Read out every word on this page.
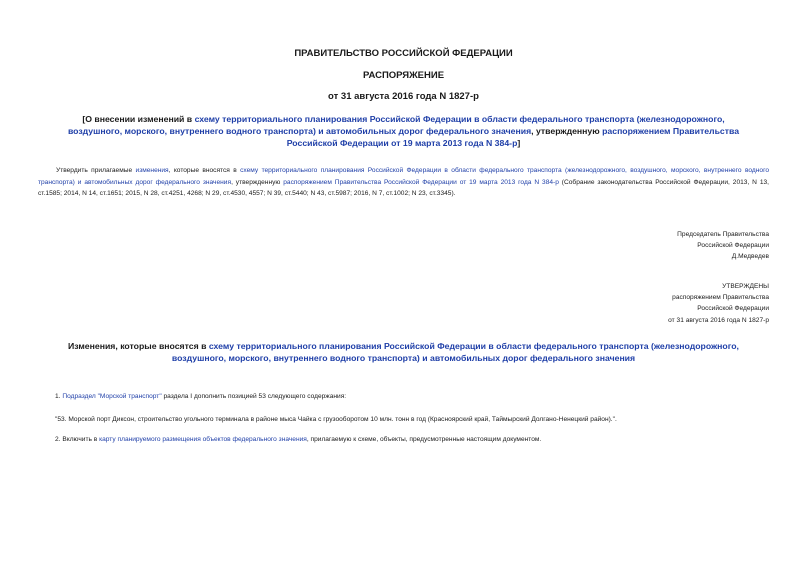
ПРАВИТЕЛЬСТВО РОССИЙСКОЙ ФЕДЕРАЦИИ
РАСПОРЯЖЕНИЕ
от 31 августа 2016 года N 1827-р
[О внесении изменений в схему территориального планирования Российской Федерации в области федерального транспорта (железнодорожного, воздушного, морского, внутреннего водного транспорта) и автомобильных дорог федерального значения, утвержденную распоряжением Правительства Российской Федерации от 19 марта 2013 года N 384-р]
Утвердить прилагаемые изменения, которые вносятся в схему территориального планирования Российской Федерации в области федерального транспорта (железнодорожного, воздушного, морского, внутреннего водного транспорта) и автомобильных дорог федерального значения, утвержденную распоряжением Правительства Российской Федерации от 19 марта 2013 года N 384-р (Собрание законодательства Российской Федерации, 2013, N 13, ст.1585; 2014, N 14, ст.1651; 2015, N 28, ст.4251, 4268; N 29, ст.4530, 4557; N 39, ст.5440; N 43, ст.5987; 2016, N 7, ст.1002; N 23, ст.3345).
Председатель Правительства
Российской Федерации
Д.Медведев
УТВЕРЖДЕНЫ
распоряжением Правительства
Российской Федерации
от 31 августа 2016 года N 1827-р
Изменения, которые вносятся в схему территориального планирования Российской Федерации в области федерального транспорта (железнодорожного, воздушного, морского, внутреннего водного транспорта) и автомобильных дорог федерального значения
1. Подраздел "Морской транспорт" раздела I дополнить позицией 53 следующего содержания:
"53. Морской порт Диксон, строительство угольного терминала в районе мыса Чайка с грузооборотом 10 млн. тонн в год (Красноярский край, Таймырский Долгано-Ненецкий район).".
2. Включить в карту планируемого размещения объектов федерального значения, прилагаемую к схеме, объекты, предусмотренные настоящим документом.
